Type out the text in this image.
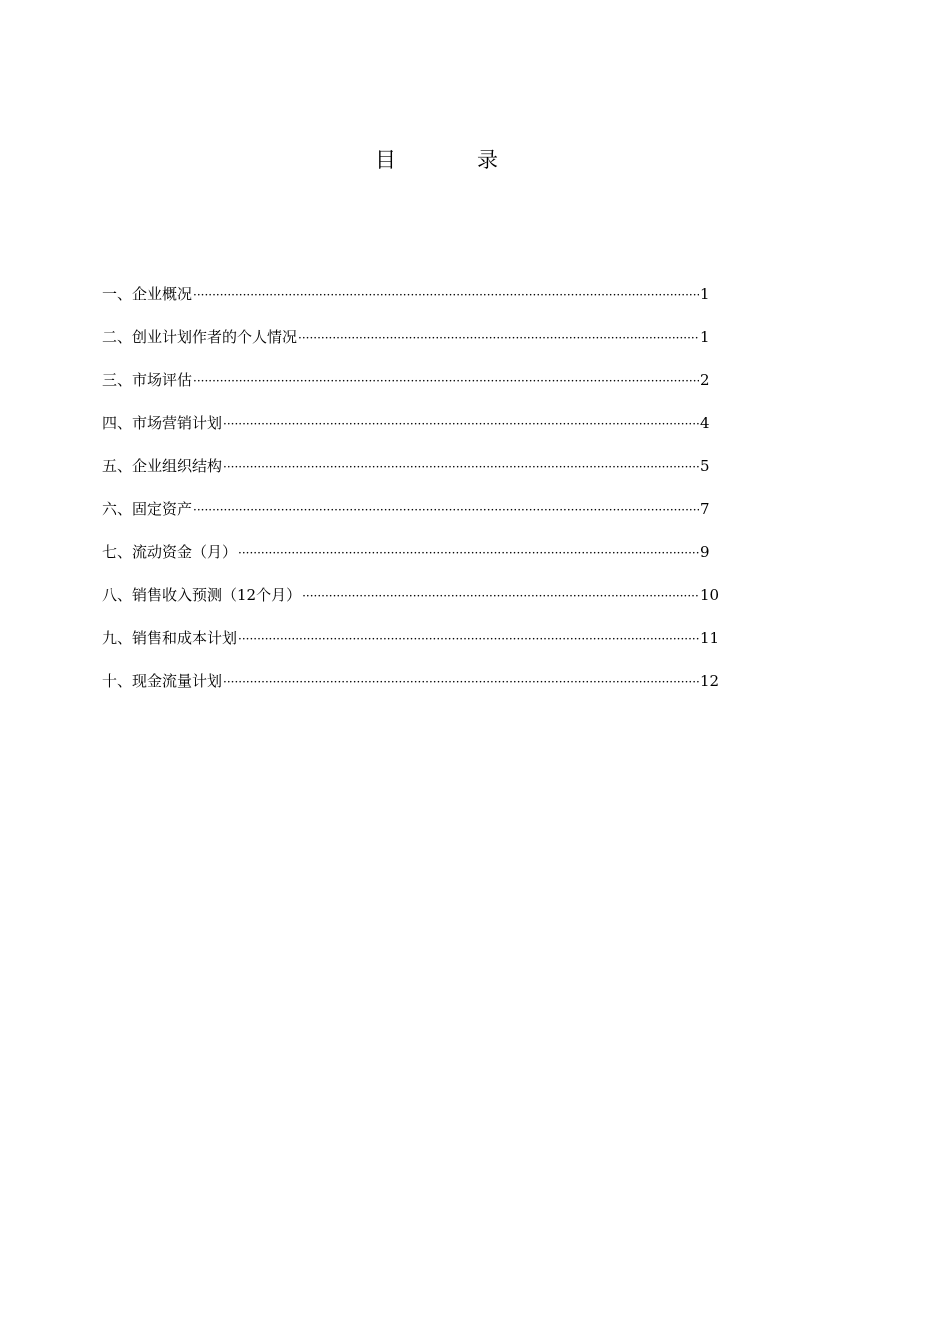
目　录
一、企业概况 ·····	1
二、创业计划作者的个人情况 ·····	1
三、市场评估 ·····	2
四、市场营销计划 ·····	4
五、企业组织结构 ·····	5
六、固定资产 ·····	7
七、流动资金（月） ·····	9
八、销售收入预测（12个月） ·····	10
九、销售和成本计划 ·····	11
十、现金流量计划 ·····	12
